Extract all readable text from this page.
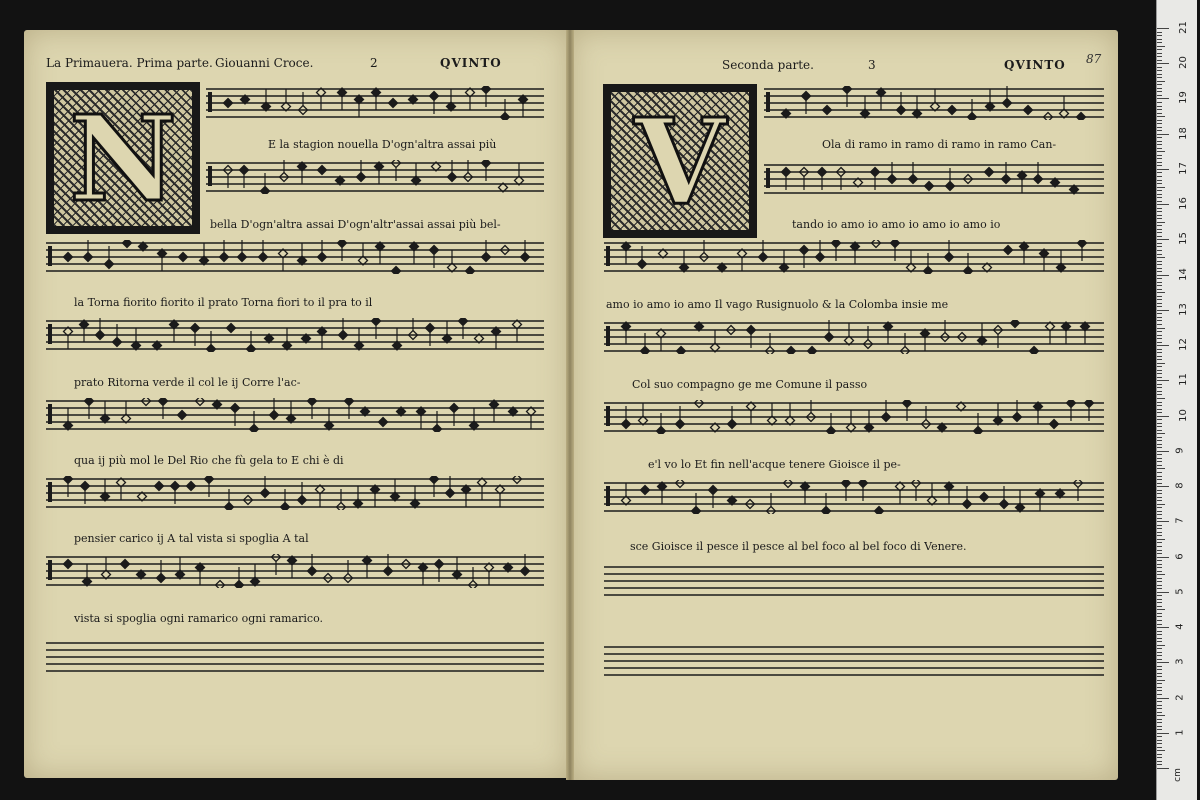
La Primauera. Prima parte. Giouanni Croce.	2	QVINTO	Seconda parte.	3	QVINTO 87
N	V
E la stagion nouella D'ogn'altra assai più
bella D'ogn'altra assai D'ogn'altr'assai assai più bel-
la Torna fiorito fiorito il prato Torna fiori to il pra to il
prato Ritorna verde il col le ij Corre l'ac-
qua ij più mol le Del Rio che fù gela to E chi è di
pensier carico ij A tal vista si spoglia A tal
vista si spoglia ogni ramarico ogni ramarico.
Ola di ramo in ramo di ramo in ramo Can-
tando io amo io amo io amo io amo io
amo io amo io amo Il vago Rusignuolo & la Colomba insie me
Col suo compagno ge me Comune il passo
e'l vo lo Et fin nell'acque tenere Gioisce il pe-
sce Gioisce il pesce il pesce al bel foco al bel foco di Venere.
cm
1
2
3
4
5
6
7
8
9
10
11
12
13
14
15
16
17
18
19
20
21
